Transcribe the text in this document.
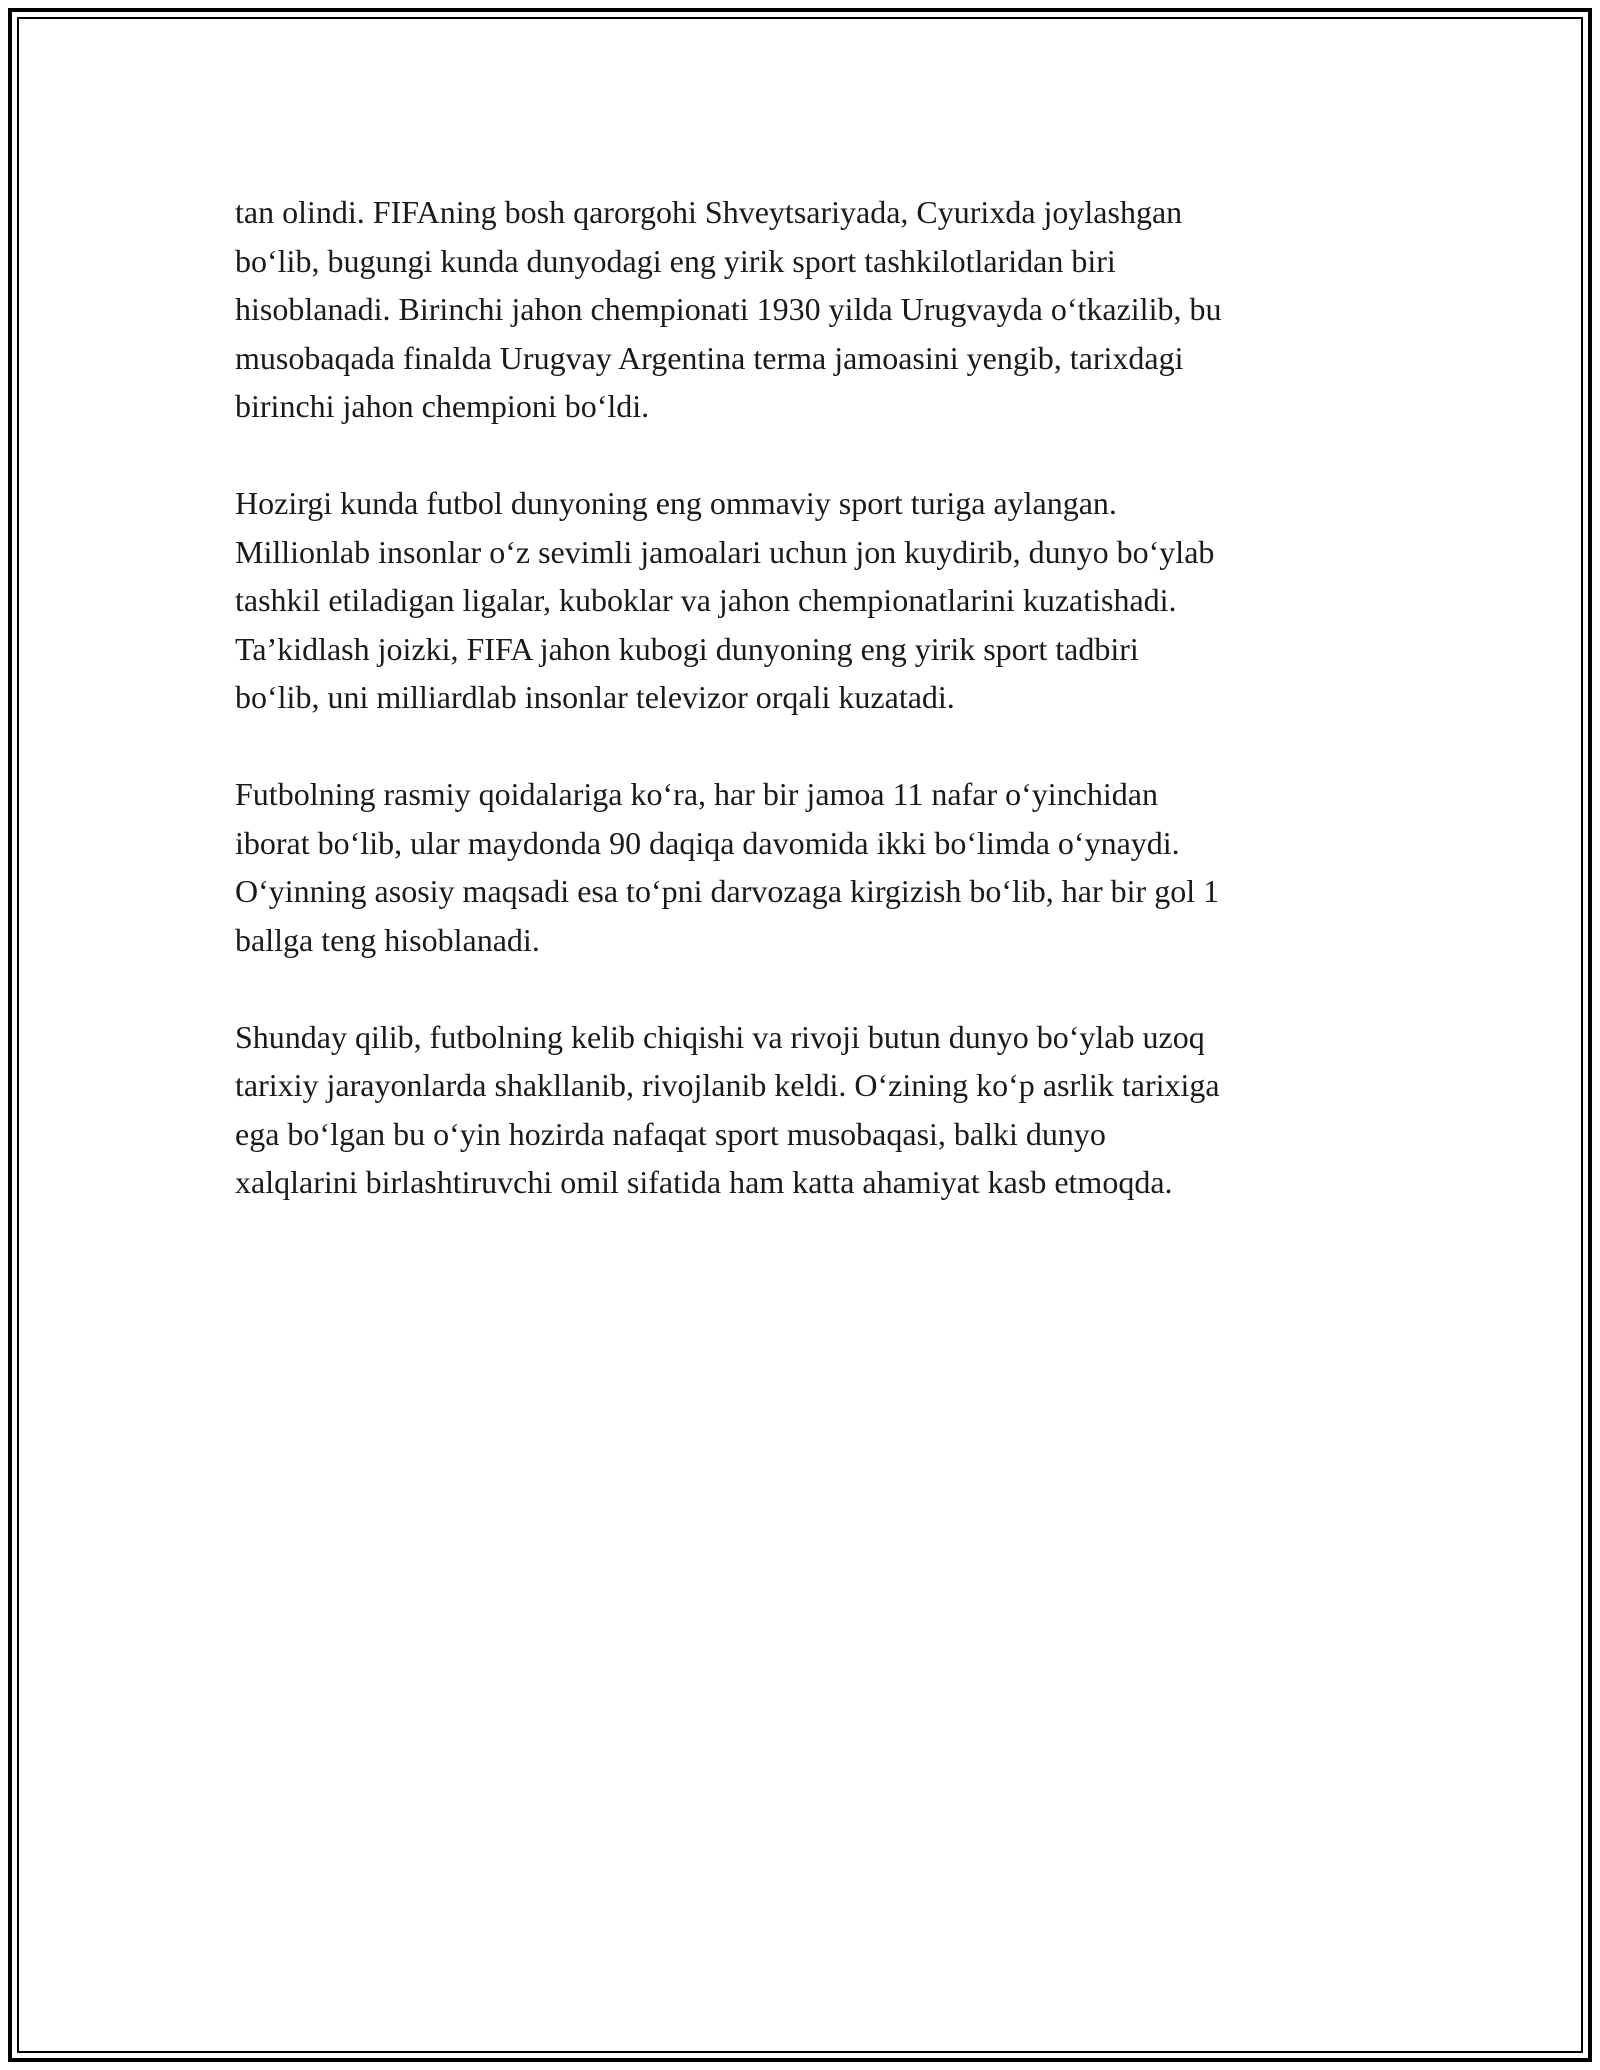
tan olindi. FIFAning bosh qarorgohi Shveytsariyada, Cyurixda joylashgan
bo‘lib, bugungi kunda dunyodagi eng yirik sport tashkilotlaridan biri
hisoblanadi. Birinchi jahon chempionati 1930 yilda Urugvayda o‘tkazilib, bu
musobaqada finalda Urugvay Argentina terma jamoasini yengib, tarixdagi
birinchi jahon chempioni bo‘ldi.

Hozirgi kunda futbol dunyoning eng ommaviy sport turiga aylangan.
Millionlab insonlar o‘z sevimli jamoalari uchun jon kuydirib, dunyo bo‘ylab
tashkil etiladigan ligalar, kuboklar va jahon chempionatlarini kuzatishadi.
Ta’kidlash joizki, FIFA jahon kubogi dunyoning eng yirik sport tadbiri
bo‘lib, uni milliardlab insonlar televizor orqali kuzatadi.

Futbolning rasmiy qoidalariga ko‘ra, har bir jamoa 11 nafar o‘yinchidan
iborat bo‘lib, ular maydonda 90 daqiqa davomida ikki bo‘limda o‘ynaydi.
O‘yinning asosiy maqsadi esa to‘pni darvozaga kirgizish bo‘lib, har bir gol 1
ballga teng hisoblanadi.

Shunday qilib, futbolning kelib chiqishi va rivoji butun dunyo bo‘ylab uzoq
tarixiy jarayonlarda shakllanib, rivojlanib keldi. O‘zining ko‘p asrlik tarixiga
ega bo‘lgan bu o‘yin hozirda nafaqat sport musobaqasi, balki dunyo
xalqlarini birlashtiruvchi omil sifatida ham katta ahamiyat kasb etmoqda.
